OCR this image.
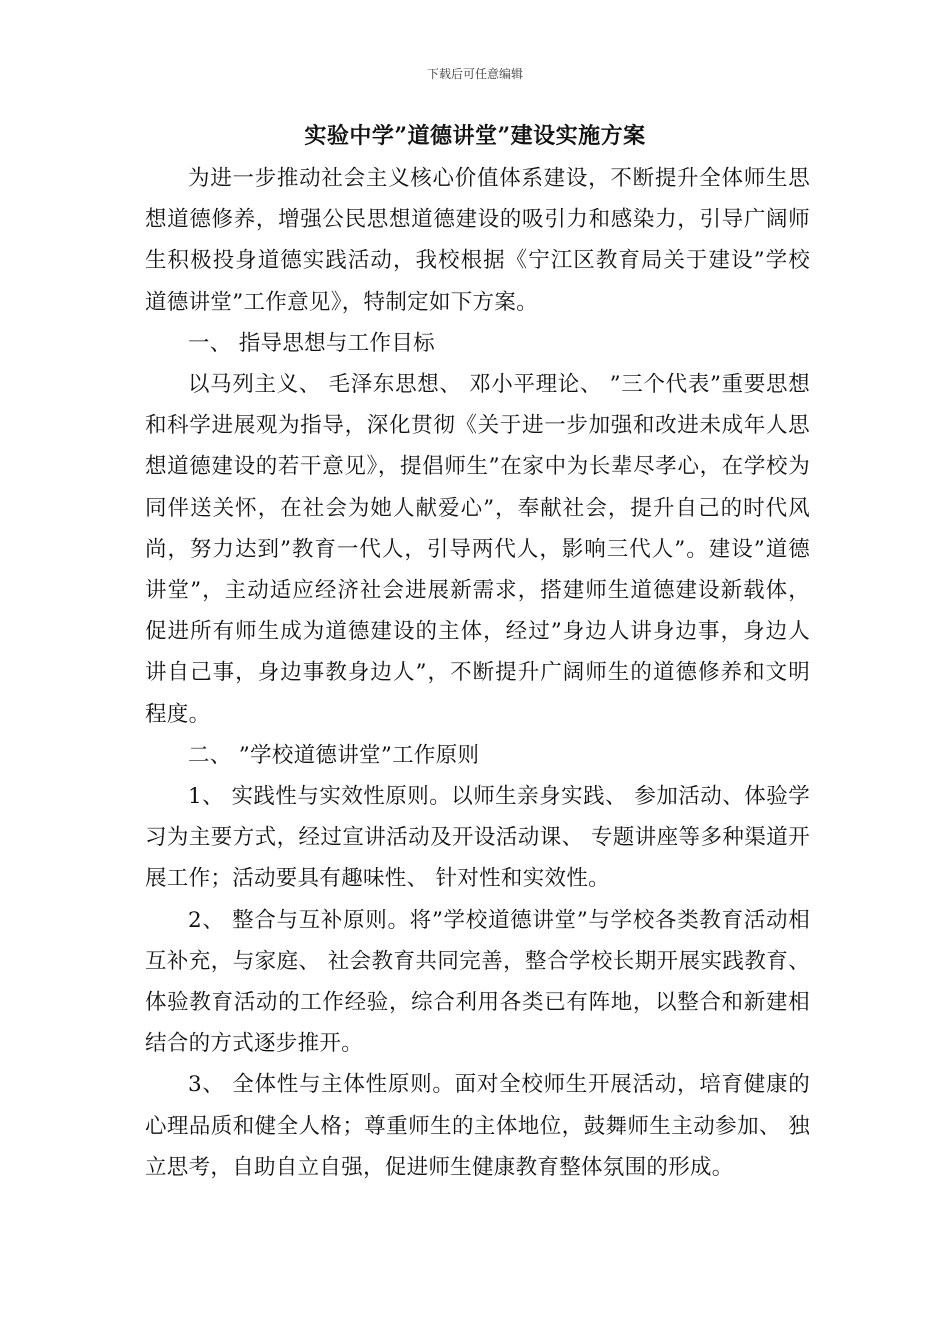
下载后可任意编辑
实验中学”道德讲堂”建设实施方案

为进一步推动社会主义核心价值体系建设，不断提升全体师生思想道德修养，增强公民思想道德建设的吸引力和感染力，引导广阔师生积极投身道德实践活动，我校根据《宁江区教育局关于建设”学校道德讲堂”工作意见》，特制定如下方案。

一、 指导思想与工作目标

以马列主义、 毛泽东思想、 邓小平理论、 ”三个代表”重要思想和科学进展观为指导，深化贯彻《关于进一步加强和改进未成年人思想道德建设的若干意见》，提倡师生”在家中为长辈尽孝心，在学校为同伴送关怀，在社会为她人献爱心”，奉献社会，提升自己的时代风尚，努力达到”教育一代人，引导两代人，影响三代人”。建设”道德讲堂”，主动适应经济社会进展新需求，搭建师生道德建设新载体，促进所有师生成为道德建设的主体，经过”身边人讲身边事，身边人讲自己事，身边事教身边人”，不断提升广阔师生的道德修养和文明程度。

二、 ”学校道德讲堂”工作原则

1、 实践性与实效性原则。以师生亲身实践、 参加活动、体验学习为主要方式，经过宣讲活动及开设活动课、 专题讲座等多种渠道开展工作；活动要具有趣味性、 针对性和实效性。

2、 整合与互补原则。将”学校道德讲堂”与学校各类教育活动相互补充，与家庭、 社会教育共同完善，整合学校长期开展实践教育、 体验教育活动的工作经验，综合利用各类已有阵地，以整合和新建相结合的方式逐步推开。

3、 全体性与主体性原则。面对全校师生开展活动，培育健康的心理品质和健全人格；尊重师生的主体地位，鼓舞师生主动参加、 独立思考，自助自立自强，促进师生健康教育整体氛围的形成。
